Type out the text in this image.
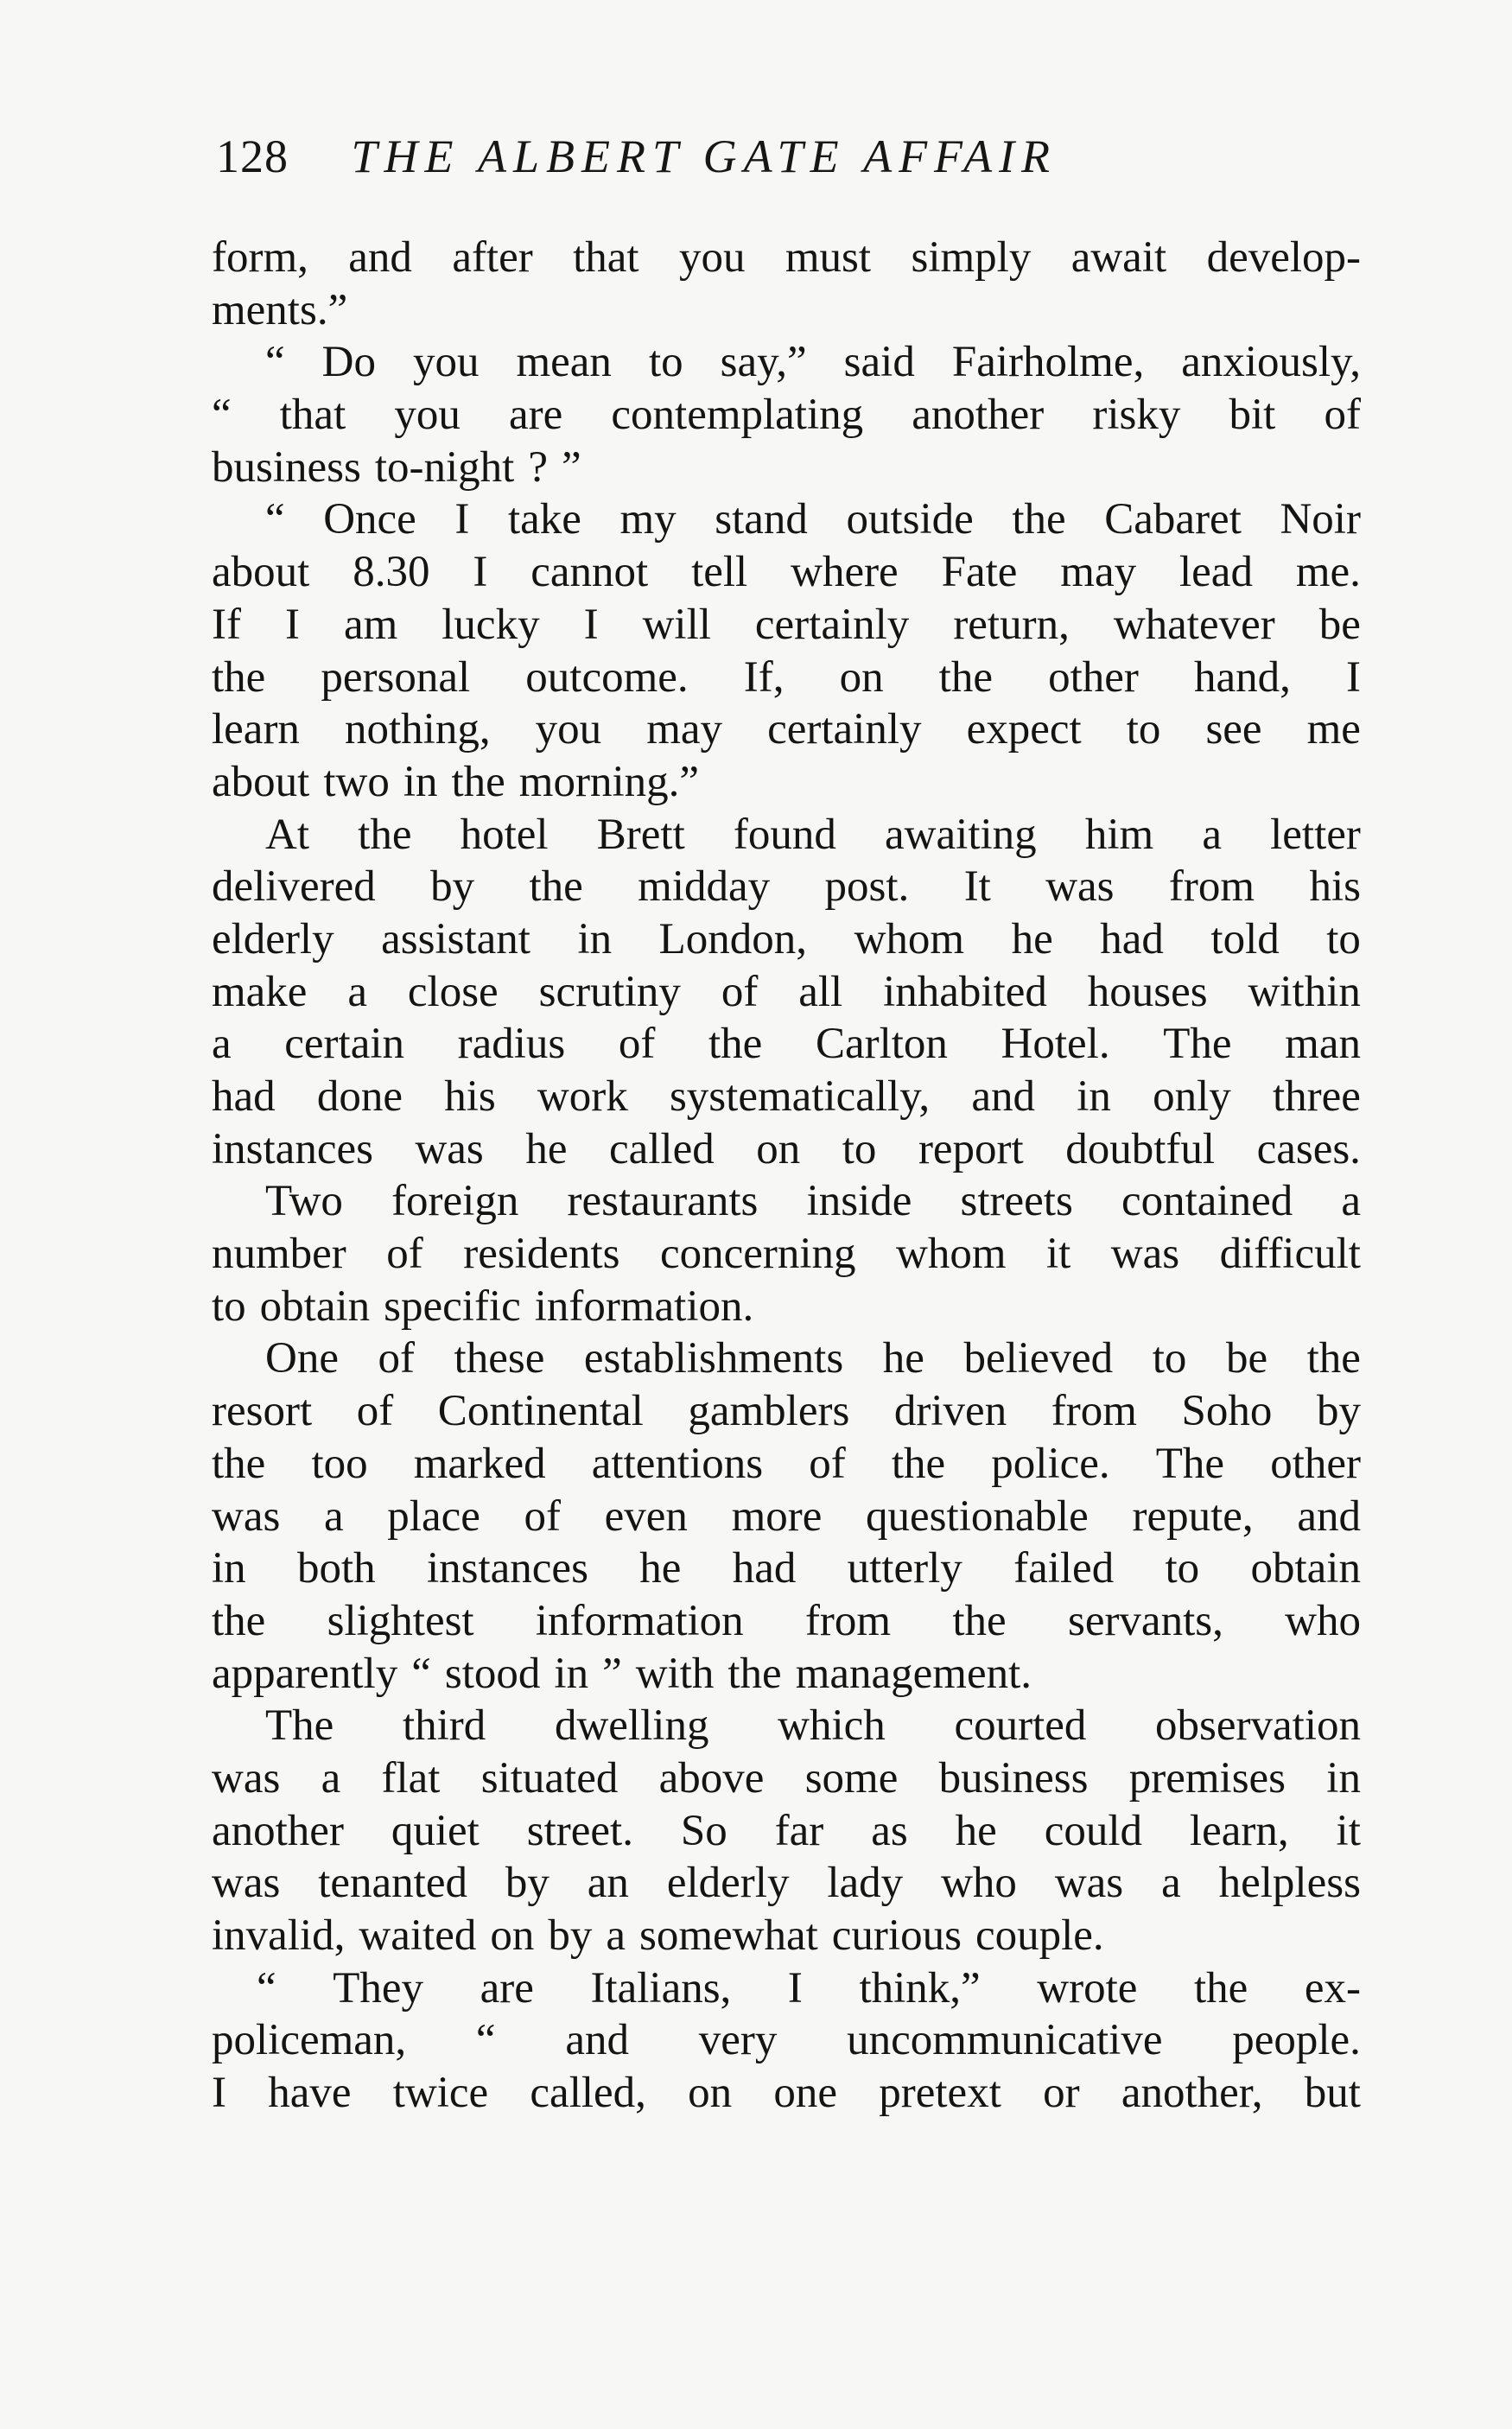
128 THE ALBERT GATE AFFAIR
form, and after that you must simply await develop-
ments.”
“ Do you mean to say,” said Fairholme, anxiously,
“ that you are contemplating another risky bit of
business to-night ? ”
“ Once I take my stand outside the Cabaret Noir
about 8.30 I cannot tell where Fate may lead me.
If I am lucky I will certainly return, whatever be
the personal outcome. If, on the other hand, I
learn nothing, you may certainly expect to see me
about two in the morning.”
At the hotel Brett found awaiting him a letter
delivered by the midday post. It was from his
elderly assistant in London, whom he had told to
make a close scrutiny of all inhabited houses within
a certain radius of the Carlton Hotel. The man
had done his work systematically, and in only three
instances was he called on to report doubtful cases.
Two foreign restaurants inside streets contained a
number of residents concerning whom it was difficult
to obtain specific information.
One of these establishments he believed to be the
resort of Continental gamblers driven from Soho by
the too marked attentions of the police. The other
was a place of even more questionable repute, and
in both instances he had utterly failed to obtain
the slightest information from the servants, who
apparently “ stood in ” with the management.
The third dwelling which courted observation
was a flat situated above some business premises in
another quiet street. So far as he could learn, it
was tenanted by an elderly lady who was a helpless
invalid, waited on by a somewhat curious couple.
“ They are Italians, I think,” wrote the ex-
policeman, “ and very uncommunicative people.
I have twice called, on one pretext or another, but
